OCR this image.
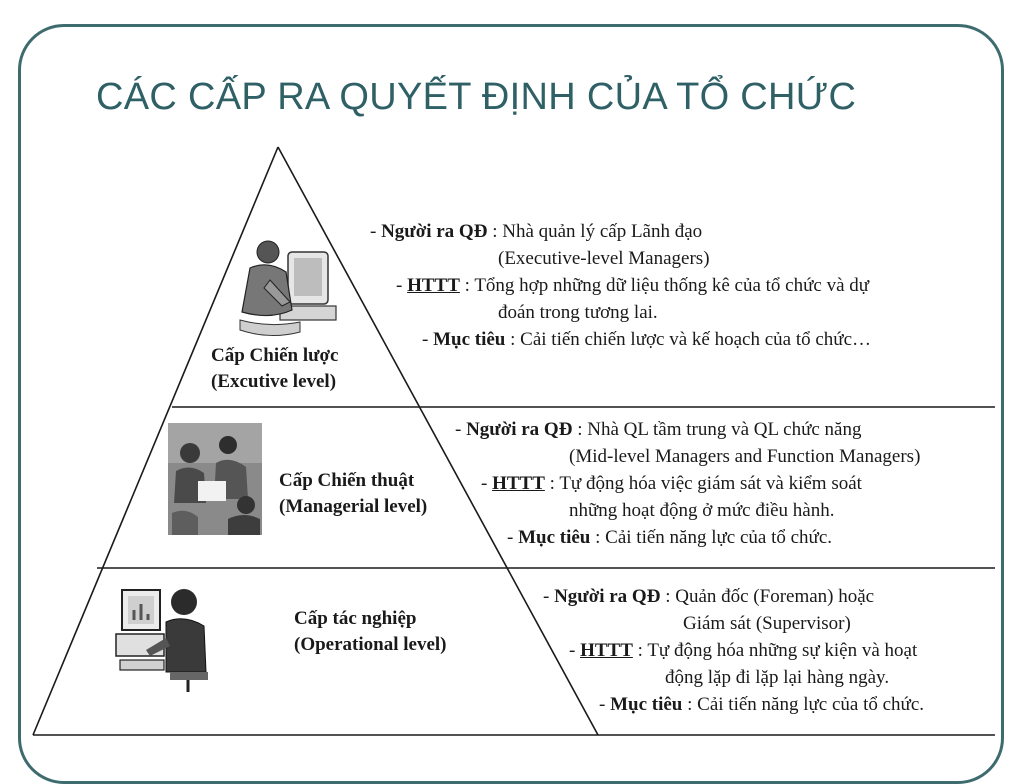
CÁC CẤP RA QUYẾT ĐỊNH CỦA TỔ CHỨC
Cấp Chiến lược
(Excutive level)
- Người ra QĐ : Nhà quản lý cấp Lãnh đạo
(Executive-level Managers)
- HTTT : Tổng hợp những dữ liệu thống kê của tổ chức và dự
đoán trong tương lai.
- Mục tiêu : Cải tiến chiến lược và kế hoạch của tổ chức…
Cấp Chiến thuật
(Managerial level)
- Người ra QĐ : Nhà QL tầm trung và QL chức năng
(Mid-level Managers and Function Managers)
- HTTT : Tự động hóa việc giám sát và kiểm soát
những hoạt động ở mức điều hành.
- Mục tiêu : Cải tiến năng lực của tổ chức.
Cấp tác nghiệp
(Operational level)
- Người ra QĐ : Quản đốc (Foreman) hoặc
Giám sát (Supervisor)
- HTTT : Tự động hóa những sự kiện và hoạt
động lặp đi lặp lại hàng ngày.
- Mục tiêu : Cải tiến năng lực của tổ chức.
